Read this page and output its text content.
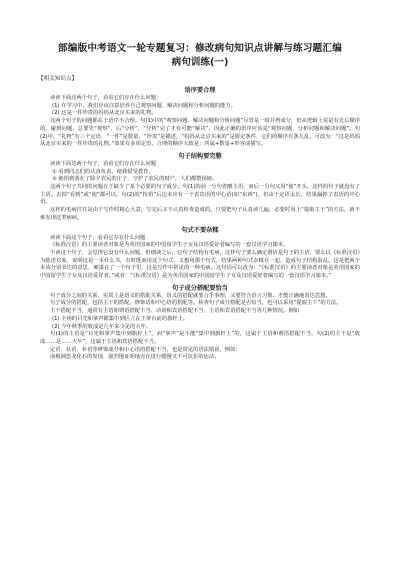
部编版中考语文一轮专题复习：修改病句知识点讲解与练习题汇编
病句训练(一)
【相关知识点】
语序要合理

读读下面这两个句子，看看它们存在什么问题：

(1) 在学习中，我们应该注意培养自己观察问题、解决问题和分析问题的能力。

(2) 这是一件珍贵的妈妈从北京买来的礼物。

这两个句子的问题都在于语序不合理。句(1)中的“观察问题、解决问题和分析问题”尽管是一组并列成分，但从逻辑上说是有先后顺序的，碰到问题，总要先“观察”，后“分析”，“分析”完了才有可能“解决”，因此正确的语序应该是“观察问题、分析问题和解决问题”。句(2)中，“礼物”有三个定语，“一件”是数量，“珍贵”是描述，“妈妈从北京买来的”是限定条件，它们的顺序有条儿乱，可改为：“这是妈妈从北京买来的一件珍贵的礼物。”如果有多项定语，合理的顺序大致是：所属+数量+形容或描写。

句子结构要完整

读读下面这两个句子，看看它们存在什么问题

① 看到同志们的认真负责，使我很受教育。

② 她拾到落在了除夕农民的庄子，守护了农民的财产，人们都赞扬她。

这两个句子共同的问题在于缺少了某个必要的句子成分。句(1)的前一分句省略主语，而后一分句又用“使”开头，这样的句子就没有了主语。去掉“看到”或“使”都可以。句(2)的“捡拾”后边本应有一个表宾语的中心语(如“东西”)，但由于定语太长，结果漏掉了表语的中心语。

这样的毛病往往是由于写作时粗心大意，写完后又不认真检查造成的。只要把句子认真读几遍，必要时用上“提取主干”的方法，就不难发现这类病病。

句式不要杂糅

读读下面这个句子，看看它存在什么问题

《标准汉语》的主要读者对象是为英语国家的中国留学生子女及汉语爱好者编写的一套汉语学习课本。

乍读这个句子，会觉得它没有什么问题，但细读之后，它句子结构有毛病。这样句子要么确定谓语是句子的主语，要么以《标准汉语》为陈述对象，说明这是一本什么书，有时既而用这个句式，又想用那个句式，结果两种句式杂糅在一起，造成句子结构混乱。这是把两个本该分别表达的意思，硬凑在了一个句子里，这是写作中常见的一种毛病。这句话可以改为：“《标准汉语》的主要读者对象是英语国家的中国留学生子女及汉语爱好者。”或者：“《标准汉语》是为英语国家的中国留学生子女及汉语爱好者编写的一套汉语学习课本。”

句子成分搭配要恰当

句子成分之间的关系，实质上是语义的搭配关系，语义的搭配就要合乎事理，又要符合语言习惯。才能正确地表达思想。

句子成分的搭配，包括主干的搭配、修饰语和中心语的搭配等。检查句子成分搭配是否恰当，也可以采用“提取主干”的方法。

主干搭配不当，通常有主语和谓语搭配不当、动词和宾语搭配不当、主语和宾语搭配不当等几种情况。例如

(1) 全场的目光和掌声都集中到区立在王掌台前的旗杆上。

(2) 今年秋季的收成是几年来少见的大年。

句(1)的主语是“目光和掌声集中到旗杆上”，而“掌声”是不能“集中到旗杆上”的，这属于主语和谓语搭配不当。句(2)的主干是“收成……是……大年”，这属于主语和宾语搭配不当。

定语、状语、补语等修饰成分和中心语的搭配不当，也是常见的语法错误，例如：

南极洲恐龙化石的发现，强烈地证明地壳在进行缓慢又不可抗拒的运动。
